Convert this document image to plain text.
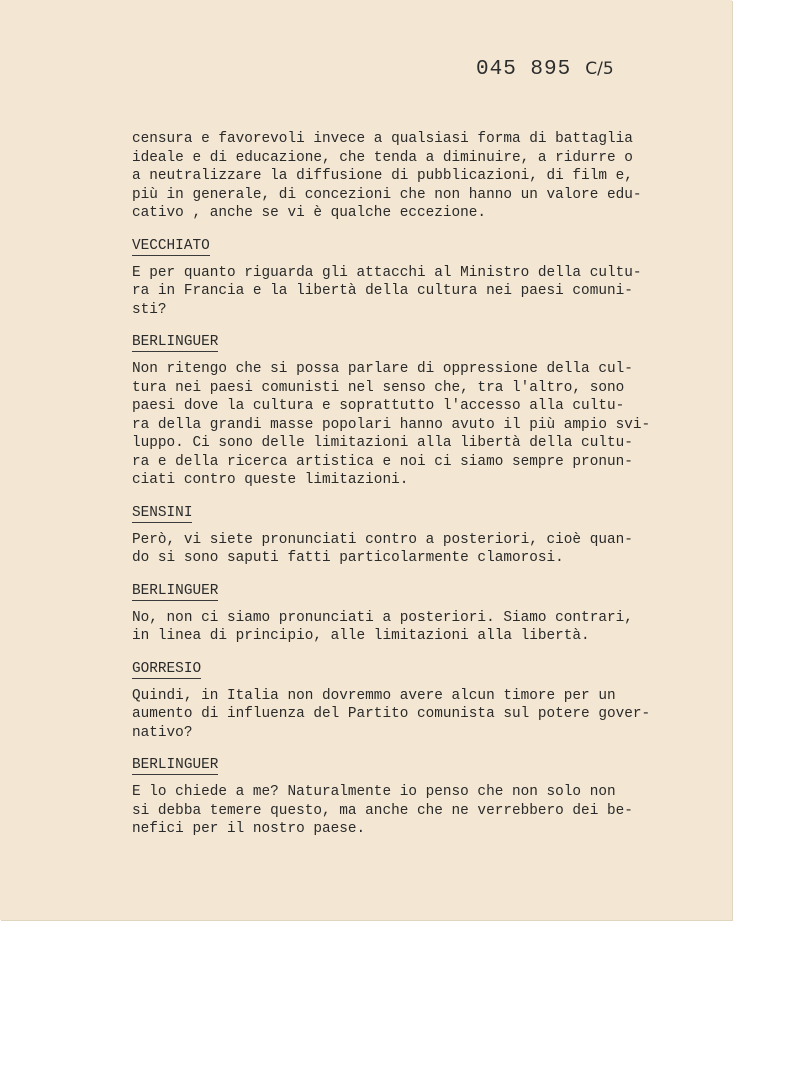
045 895 C/5

censura e favorevoli invece a qualsiasi forma di battaglia
ideale e di educazione, che tenda a diminuire, a ridurre o
a neutralizzare la diffusione di pubblicazioni, di film e,
più in generale, di concezioni che non hanno un valore edu-
cativo , anche se vi è qualche eccezione.

VECCHIATO

E per quanto riguarda gli attacchi al Ministro della cultu-
ra in Francia e la libertà della cultura nei paesi comuni-
sti?

BERLINGUER

Non ritengo che si possa parlare di oppressione della cul-
tura nei paesi comunisti nel senso che, tra l'altro, sono
paesi dove la cultura e soprattutto l'accesso alla cultu-
ra della grandi masse popolari hanno avuto il più ampio svi-
luppo. Ci sono delle limitazioni alla libertà della cultu-
ra e della ricerca artistica e noi ci siamo sempre pronun-
ciati contro queste limitazioni.

SENSINI

Però, vi siete pronunciati contro a posteriori, cioè quan-
do si sono saputi fatti particolarmente clamorosi.

BERLINGUER

No, non ci siamo pronunciati a posteriori. Siamo contrari,
in linea di principio, alle limitazioni alla libertà.

GORRESIO

Quindi, in Italia non dovremmo avere alcun timore per un
aumento di influenza del Partito comunista sul potere gover-
nativo?

BERLINGUER

E lo chiede a me? Naturalmente io penso che non solo non
si debba temere questo, ma anche che ne verrebbero dei be-
nefici per il nostro paese.
